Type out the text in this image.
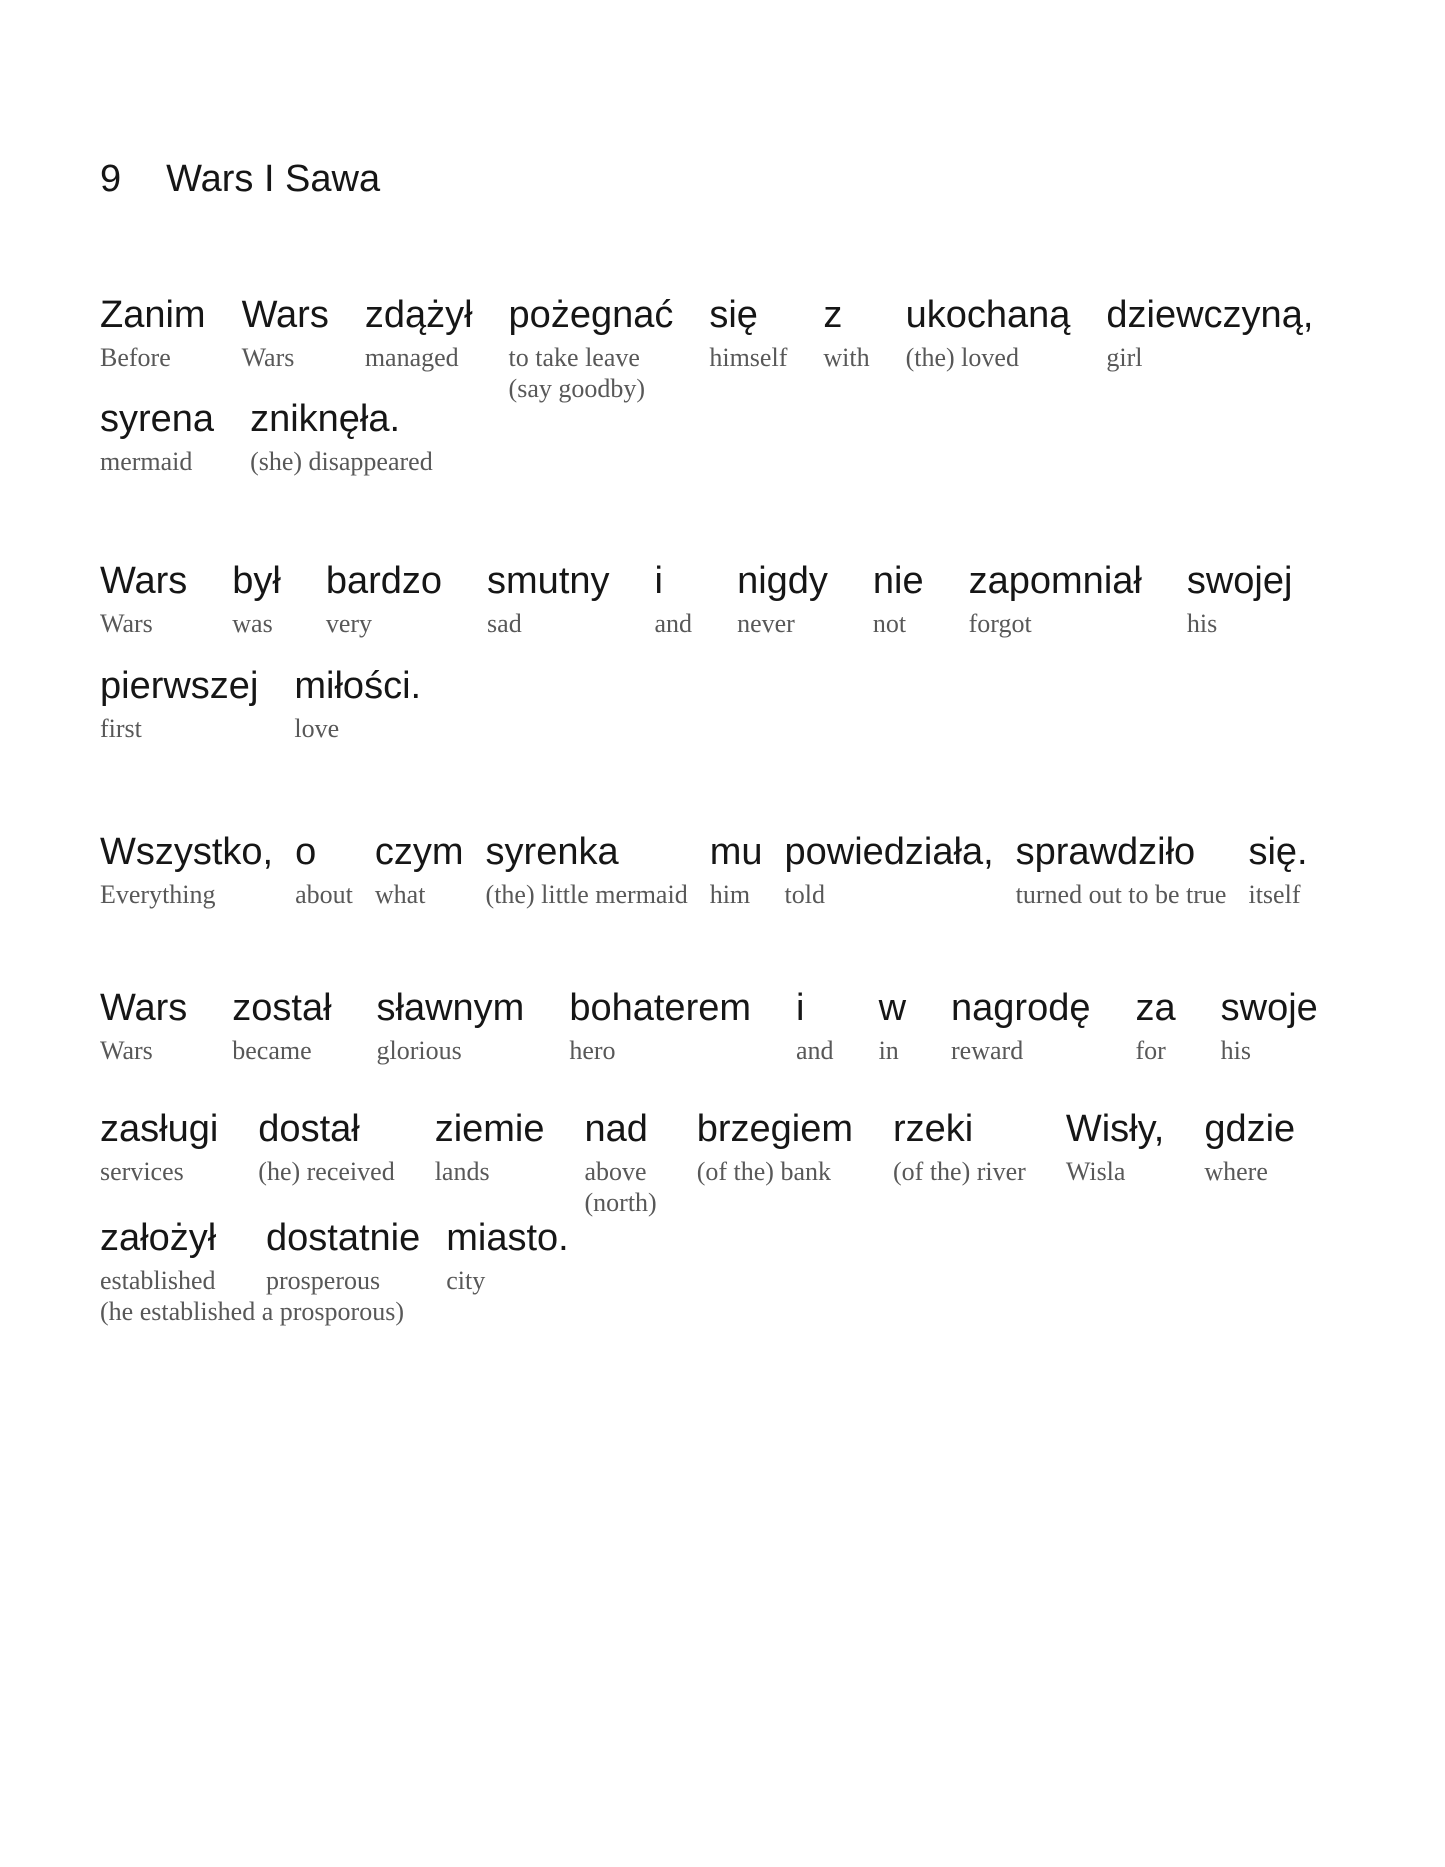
9 Wars I Sawa
Zanim
Before
Wars
Wars
zdążył
managed
pożegnać
to take leave
(say goodby)
się
himself
z
with
ukochaną
(the) loved
dziewczyną,
girl
syrena
mermaid
zniknęła.
(she) disappeared
Wars
Wars
był
was
bardzo
very
smutny
sad
i
and
nigdy
never
nie
not
zapomniał
forgot
swojej
his
pierwszej
first
miłości.
love
Wszystko,
Everything
o
about
czym
what
syrenka
(the) little mermaid
mu
him
powiedziała,
told
sprawdziło
turned out to be true
się.
itself
Wars
Wars
został
became
sławnym
glorious
bohaterem
hero
i
and
w
in
nagrodę
reward
za
for
swoje
his
zasługi
services
dostał
(he) received
ziemie
lands
nad
above
(north)
brzegiem
(of the) bank
rzeki
(of the) river
Wisły,
Wisla
gdzie
where
założył
established
(he established a prosporous)
dostatnie
prosperous
miasto.
city
